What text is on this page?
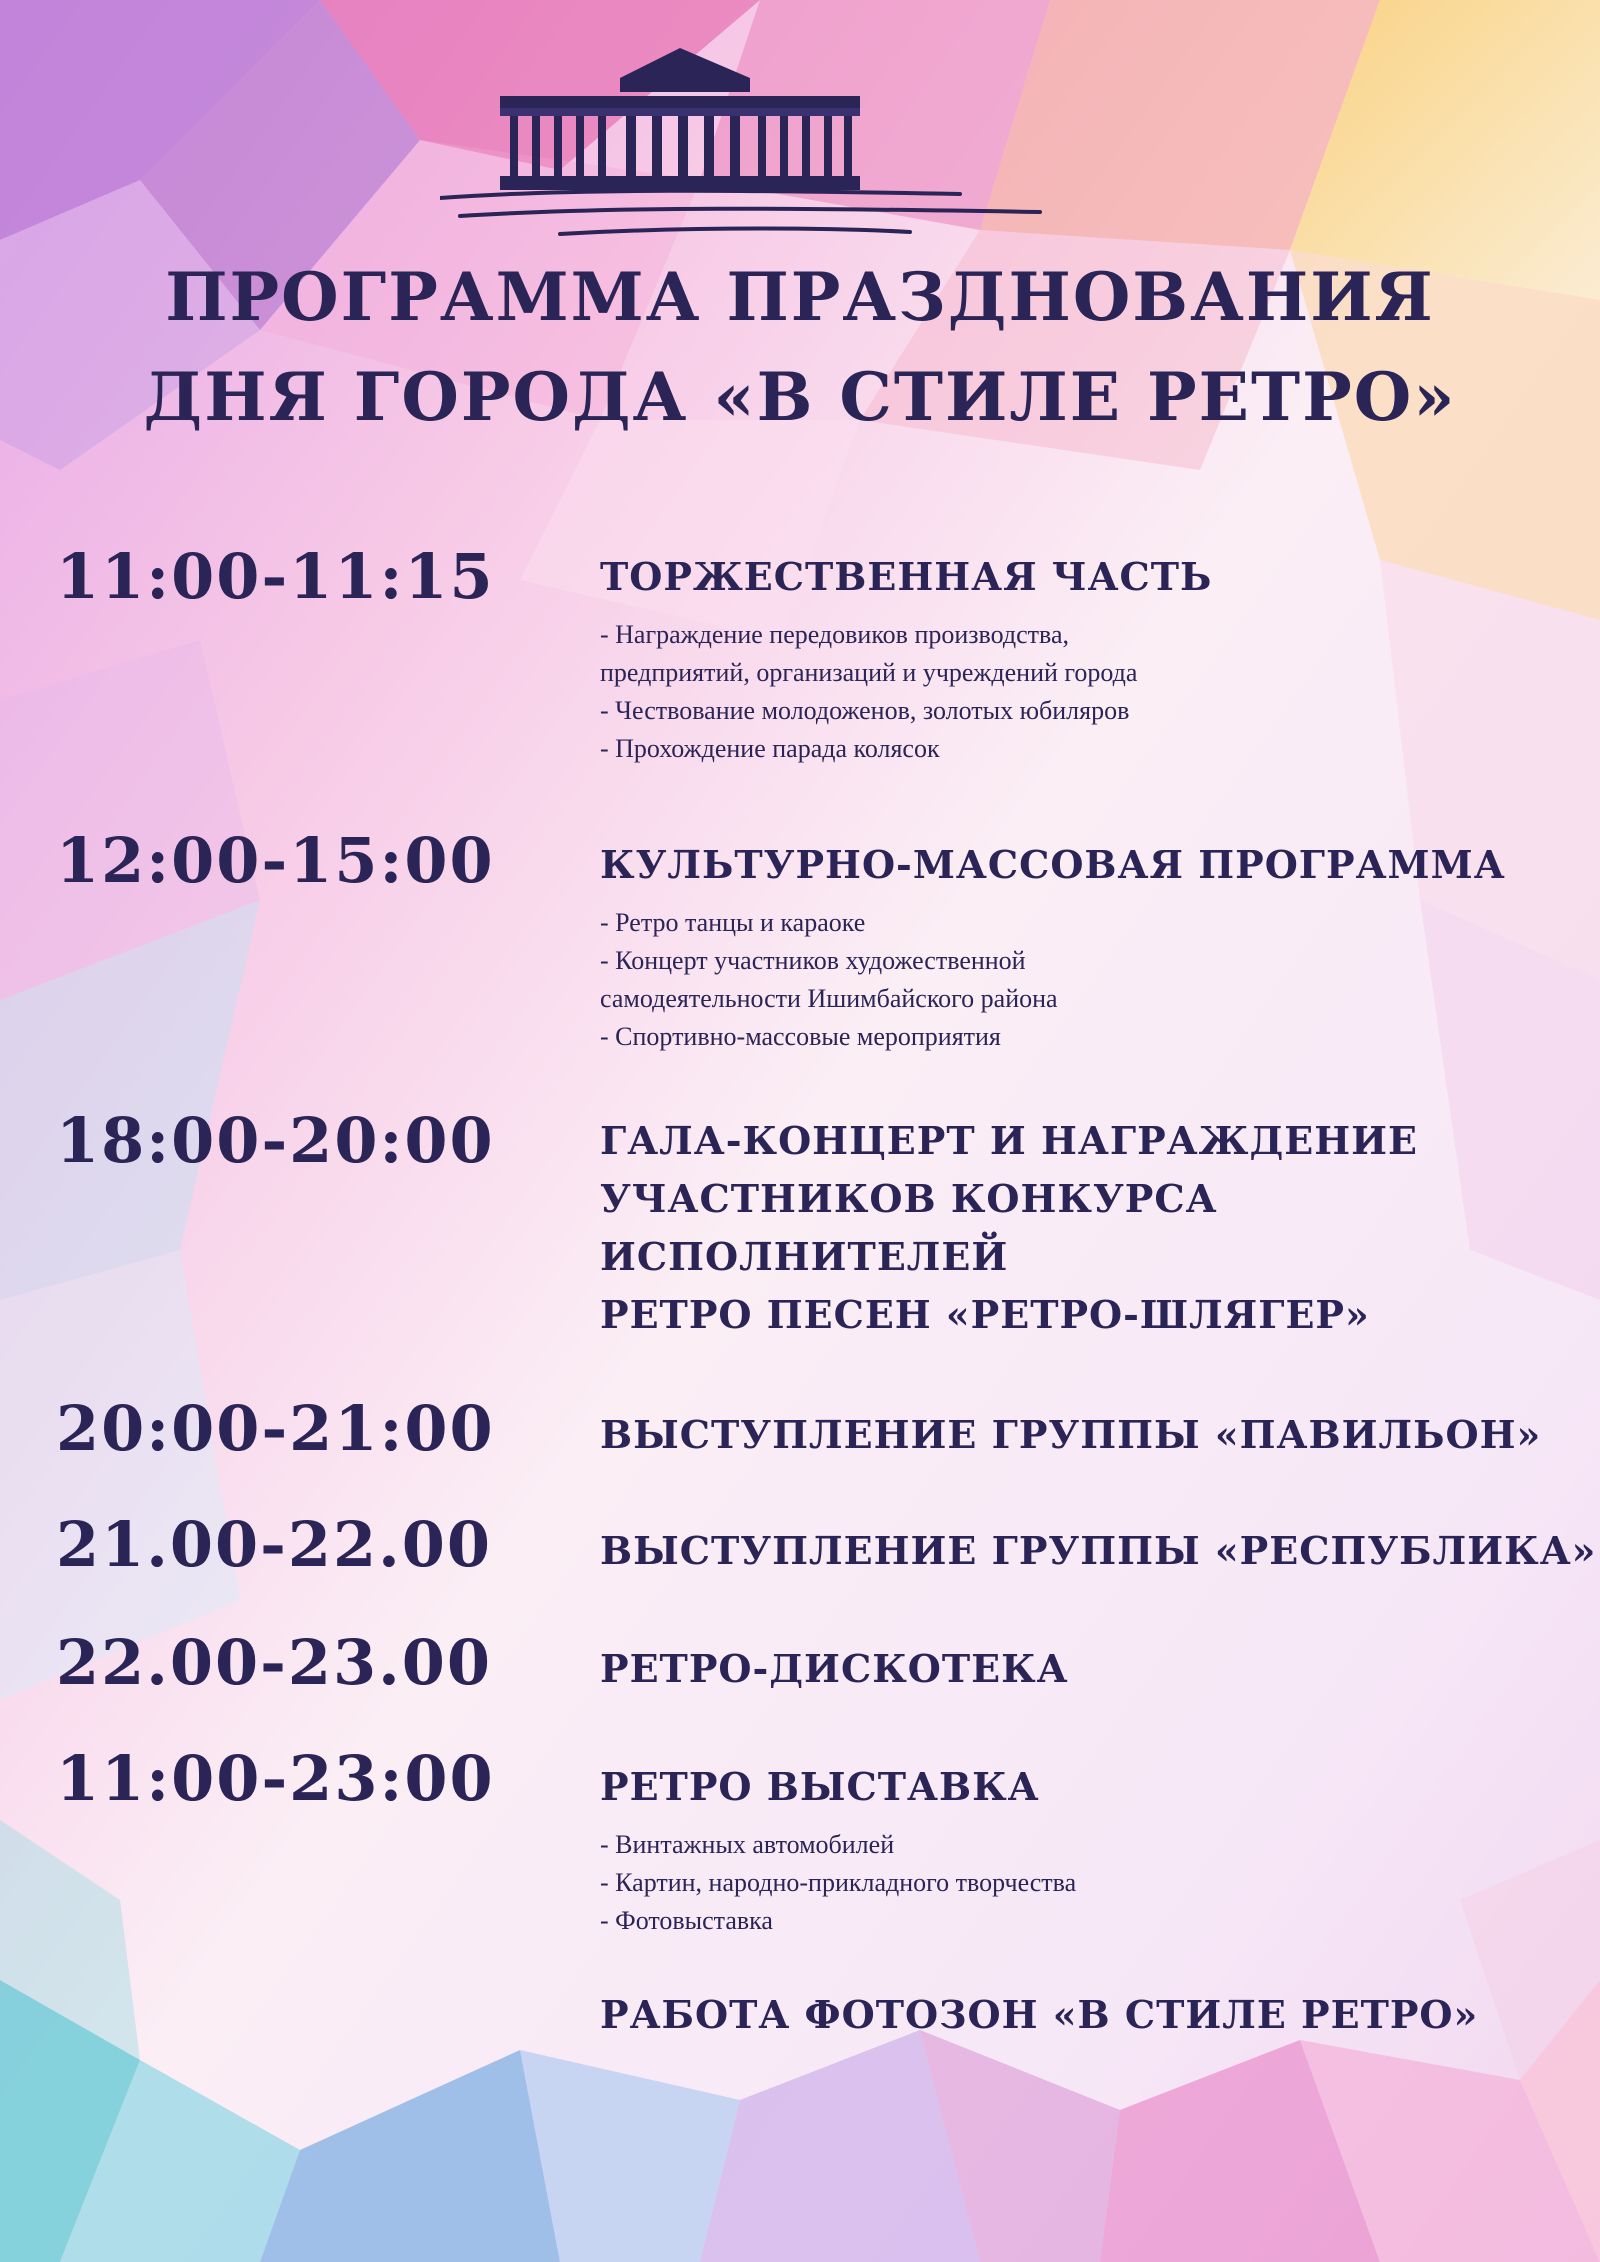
ПРОГРАММА ПРАЗДНОВАНИЯ
ДНЯ ГОРОДА «В СТИЛЕ РЕТРО»
11:00-11:15	ТОРЖЕСТВЕННАЯ ЧАСТЬ
- Награждение передовиков производства,
предприятий, организаций и учреждений города
- Чествование молодоженов, золотых юбиляров
- Прохождение парада колясок
12:00-15:00	КУЛЬТУРНО-МАССОВАЯ ПРОГРАММА
- Ретро танцы и караоке
- Концерт участников художественной
самодеятельности Ишимбайского района
- Спортивно-массовые мероприятия
18:00-20:00	ГАЛА-КОНЦЕРТ И НАГРАЖДЕНИЕ
УЧАСТНИКОВ КОНКУРСА
ИСПОЛНИТЕЛЕЙ
РЕТРО ПЕСЕН «РЕТРО-ШЛЯГЕР»
20:00-21:00	ВЫСТУПЛЕНИЕ ГРУППЫ «ПАВИЛЬОН»
21.00-22.00	ВЫСТУПЛЕНИЕ ГРУППЫ «РЕСПУБЛИКА»
22.00-23.00	РЕТРО-ДИСКОТЕКА
11:00-23:00	РЕТРО ВЫСТАВКА
- Винтажных автомобилей
- Картин, народно-прикладного творчества
- Фотовыставка
РАБОТА ФОТОЗОН «В СТИЛЕ РЕТРО»
